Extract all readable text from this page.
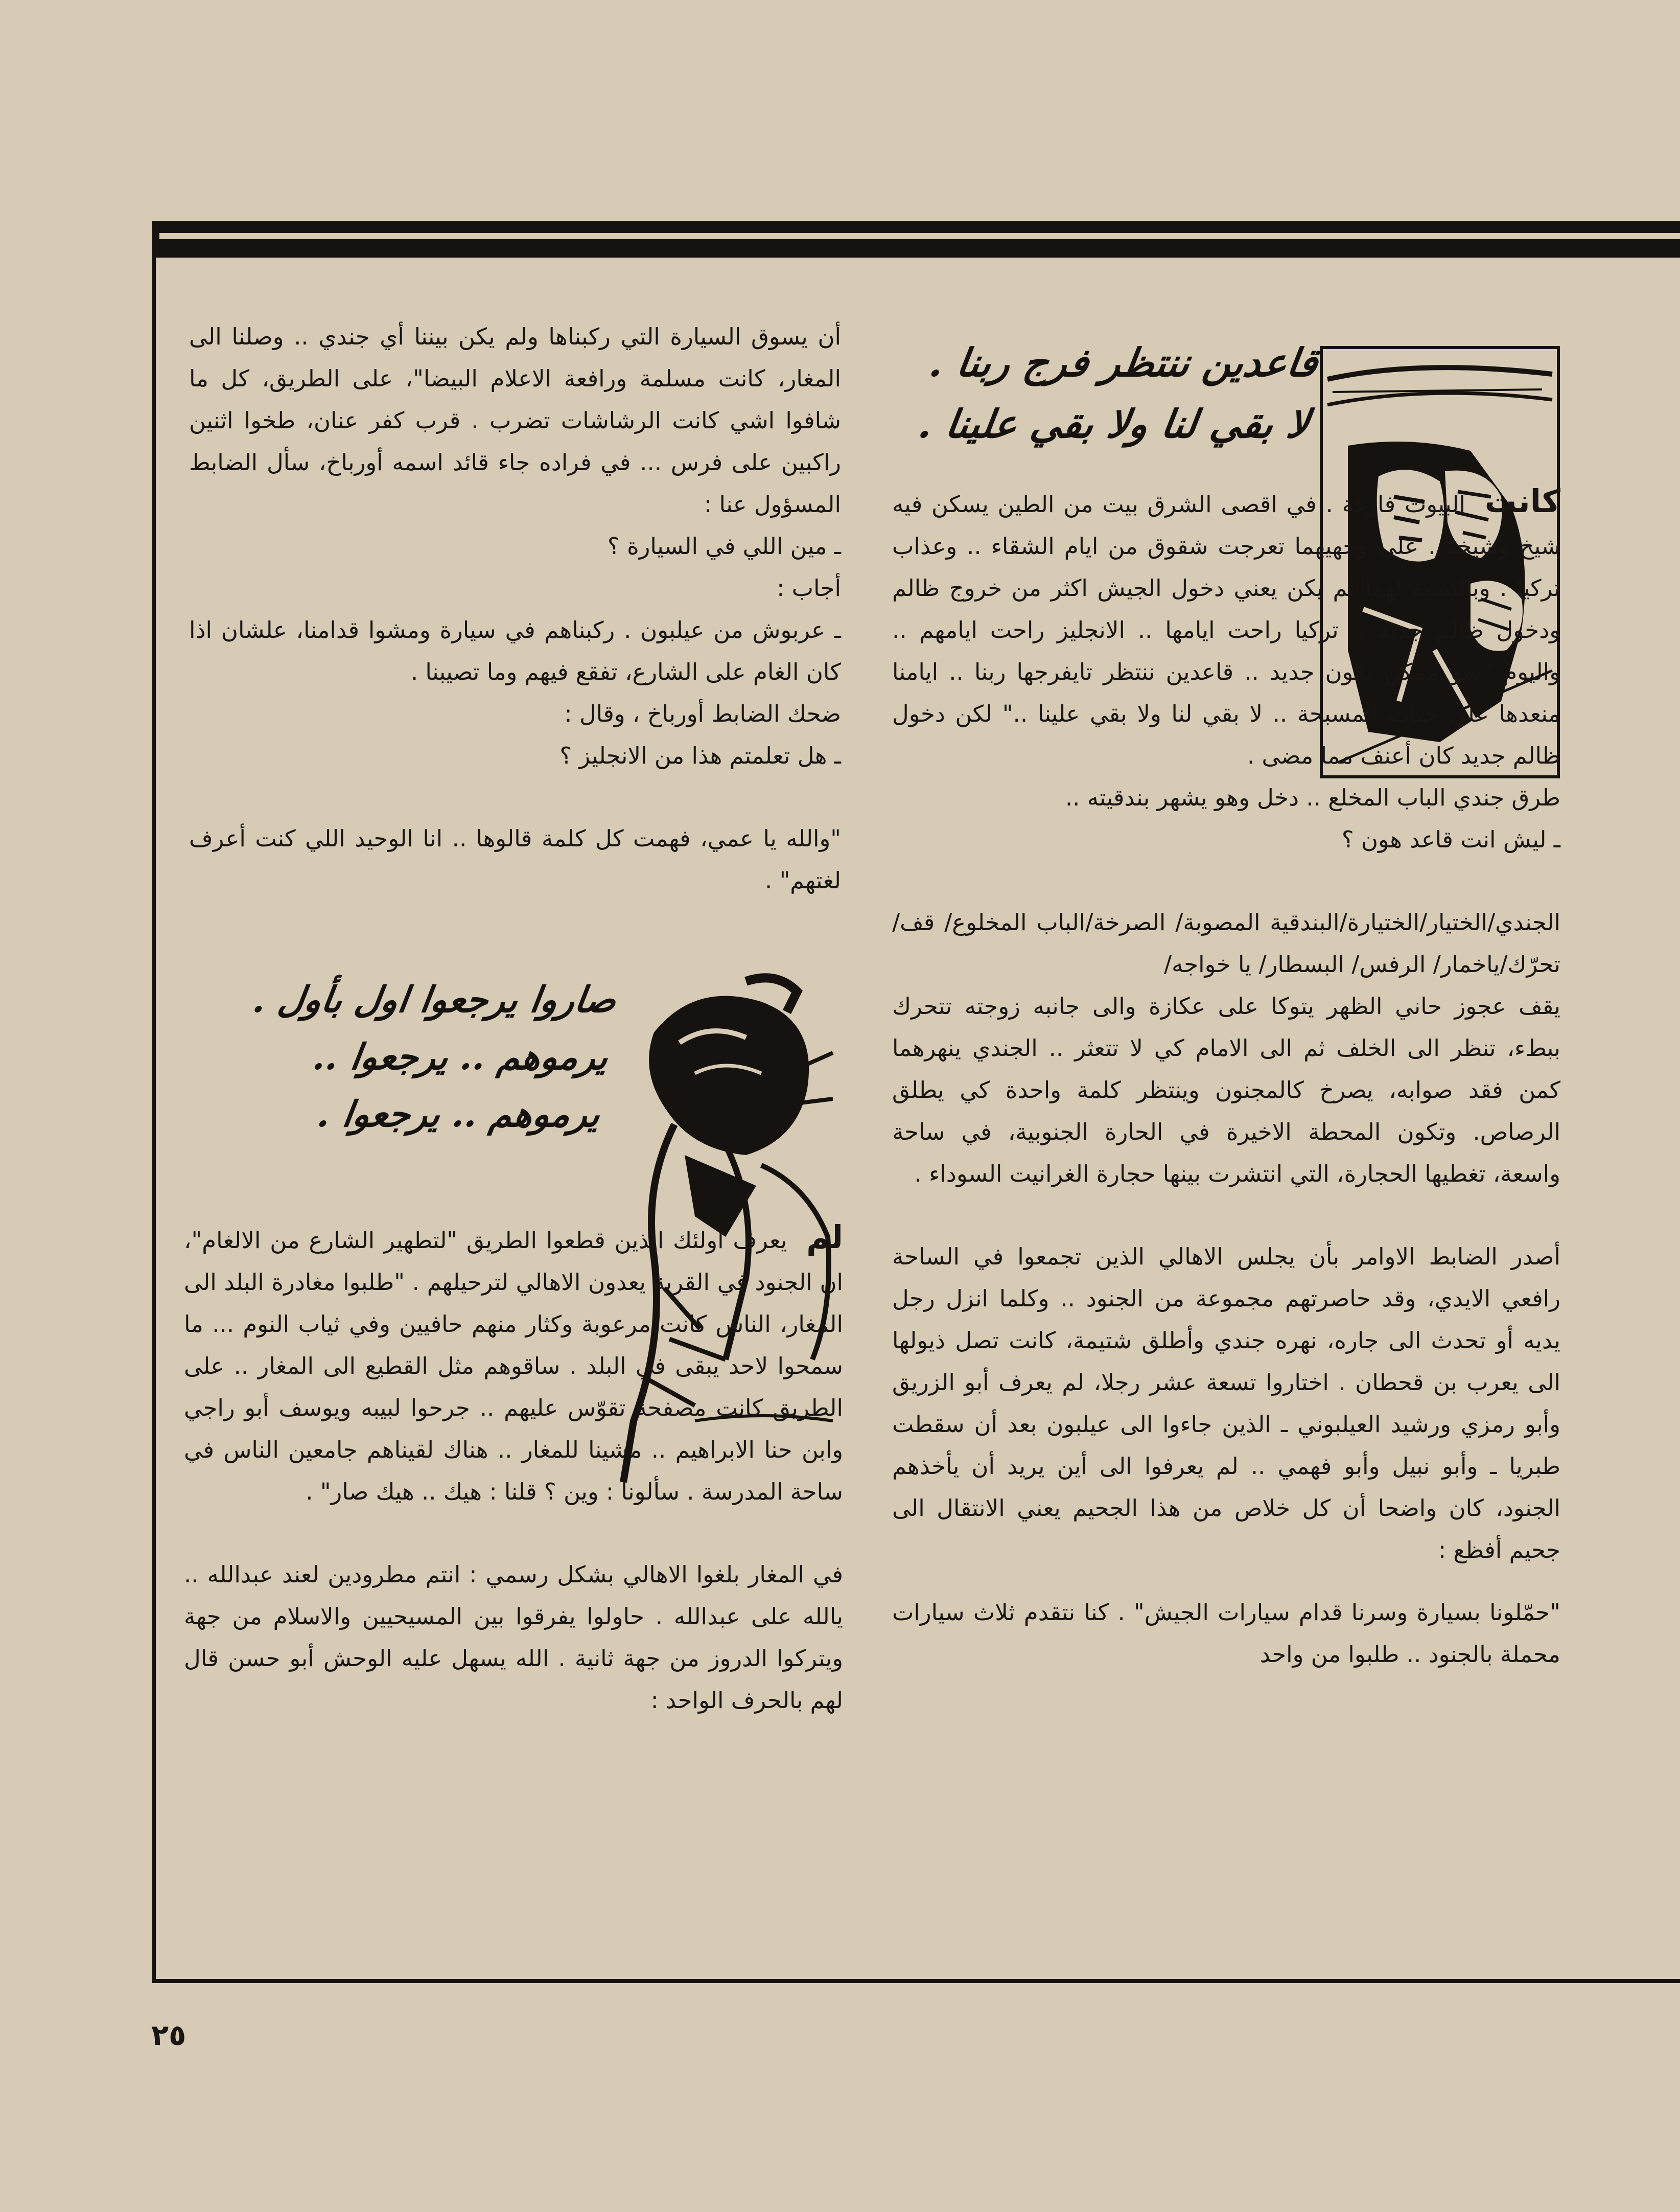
قاعدين ننتظر فرج ربنا .
لا بقي لنا ولا بقي علينا .

كانت البيوت فارغة . في اقصى الشرق بيت من الطين يسكن فيه شيخ وشيخة . على وجهيهما تعرجت شقوق من ايام الشقاء .. وعذاب تركيا . وبالنسبة لهما لم يكن يعني دخول الجيش اكثر من خروج ظالم ودخول ظالم جديد .. تركيا راحت ايامها .. الانجليز راحت ايامهم .. واليوم "شو ممكن يكون جديد .. قاعدين ننتظر تايفرجها ربنا .. ايامنا منعدها على حبات المسبحة .. لا بقي لنا ولا بقي علينا .." لكن دخول ظالم جديد كان أعنف مما مضى .

طرق جندي الباب المخلع .. دخل وهو يشهر بندقيته ..

ـ ليش انت قاعد هون ؟

الجندي/الختيار/الختيارة/البندقية المصوبة/ الصرخة/الباب المخلوع/ قف/تحرّك/ياخمار/ الرفس/ البسطار/ يا خواجه/

يقف عجوز حاني الظهر يتوكا على عكازة والى جانبه زوجته تتحرك ببطء، تنظر الى الخلف ثم الى الامام كي لا تتعثر .. الجندي ينهرهما كمن فقد صوابه، يصرخ كالمجنون وينتظر كلمة واحدة كي يطلق الرصاص. وتكون المحطة الاخيرة في الحارة الجنوبية، في ساحة واسعة، تغطيها الحجارة، التي انتشرت بينها حجارة الغرانيت السوداء .

أصدر الضابط الاوامر بأن يجلس الاهالي الذين تجمعوا في الساحة رافعي الايدي، وقد حاصرتهم مجموعة من الجنود .. وكلما انزل رجل يديه أو تحدث الى جاره، نهره جندي وأطلق شتيمة، كانت تصل ذيولها الى يعرب بن قحطان . اختاروا تسعة عشر رجلا، لم يعرف أبو الزريق وأبو رمزي ورشيد العيلبوني ـ الذين جاءوا الى عيلبون بعد أن سقطت طبريا ـ وأبو نبيل وأبو فهمي .. لم يعرفوا الى أين يريد أن يأخذهم الجنود، كان واضحا أن كل خلاص من هذا الجحيم يعني الانتقال الى جحيم أفظع :

"حمّلونا بسيارة وسرنا قدام سيارات الجيش" . كنا نتقدم ثلاث سيارات محملة بالجنود .. طلبوا من واحد

أن يسوق السيارة التي ركبناها ولم يكن بيننا أي جندي .. وصلنا الى المغار، كانت مسلمة ورافعة الاعلام البيضا"، على الطريق، كل ما شافوا اشي كانت الرشاشات تضرب . قرب كفر عنان، طخوا اثنين راكبين على فرس ... في فراده جاء قائد اسمه أورباخ، سأل الضابط المسؤول عنا :

ـ مين اللي في السيارة ؟

أجاب :

ـ عربوش من عيلبون . ركبناهم في سيارة ومشوا قدامنا، علشان اذا كان الغام على الشارع، تفقع فيهم وما تصيبنا .

ضحك الضابط أورباخ ، وقال :

ـ هل تعلمتم هذا من الانجليز ؟

"والله يا عمي، فهمت كل كلمة قالوها .. انا الوحيد اللي كنت أعرف لغتهم" .

صاروا يرجعوا اول بأول .
يرموهم .. يرجعوا ..
يرموهم .. يرجعوا .

لم يعرف أولئك الذين قطعوا الطريق "لتطهير الشارع من الالغام"، ان الجنود في القرية يعدون الاهالي لترحيلهم . "طلبوا مغادرة البلد الى المغار، الناس كانت مرعوبة وكثار منهم حافيين وفي ثياب النوم ... ما سمحوا لاحد يبقى في البلد . ساقوهم مثل القطيع الى المغار .. على الطريق كانت مصفحة تقوّس عليهم .. جرحوا لبيبه ويوسف أبو راجي وابن حنا الابراهيم .. مشينا للمغار .. هناك لقيناهم جامعين الناس في ساحة المدرسة . سألونا : وين ؟ قلنا : هيك .. هيك صار" .

في المغار بلغوا الاهالي بشكل رسمي : انتم مطرودين لعند عبدالله .. يالله على عبدالله . حاولوا يفرقوا بين المسيحيين والاسلام من جهة ويتركوا الدروز من جهة ثانية . الله يسهل عليه الوحش أبو حسن قال لهم بالحرف الواحد :

٢٥
